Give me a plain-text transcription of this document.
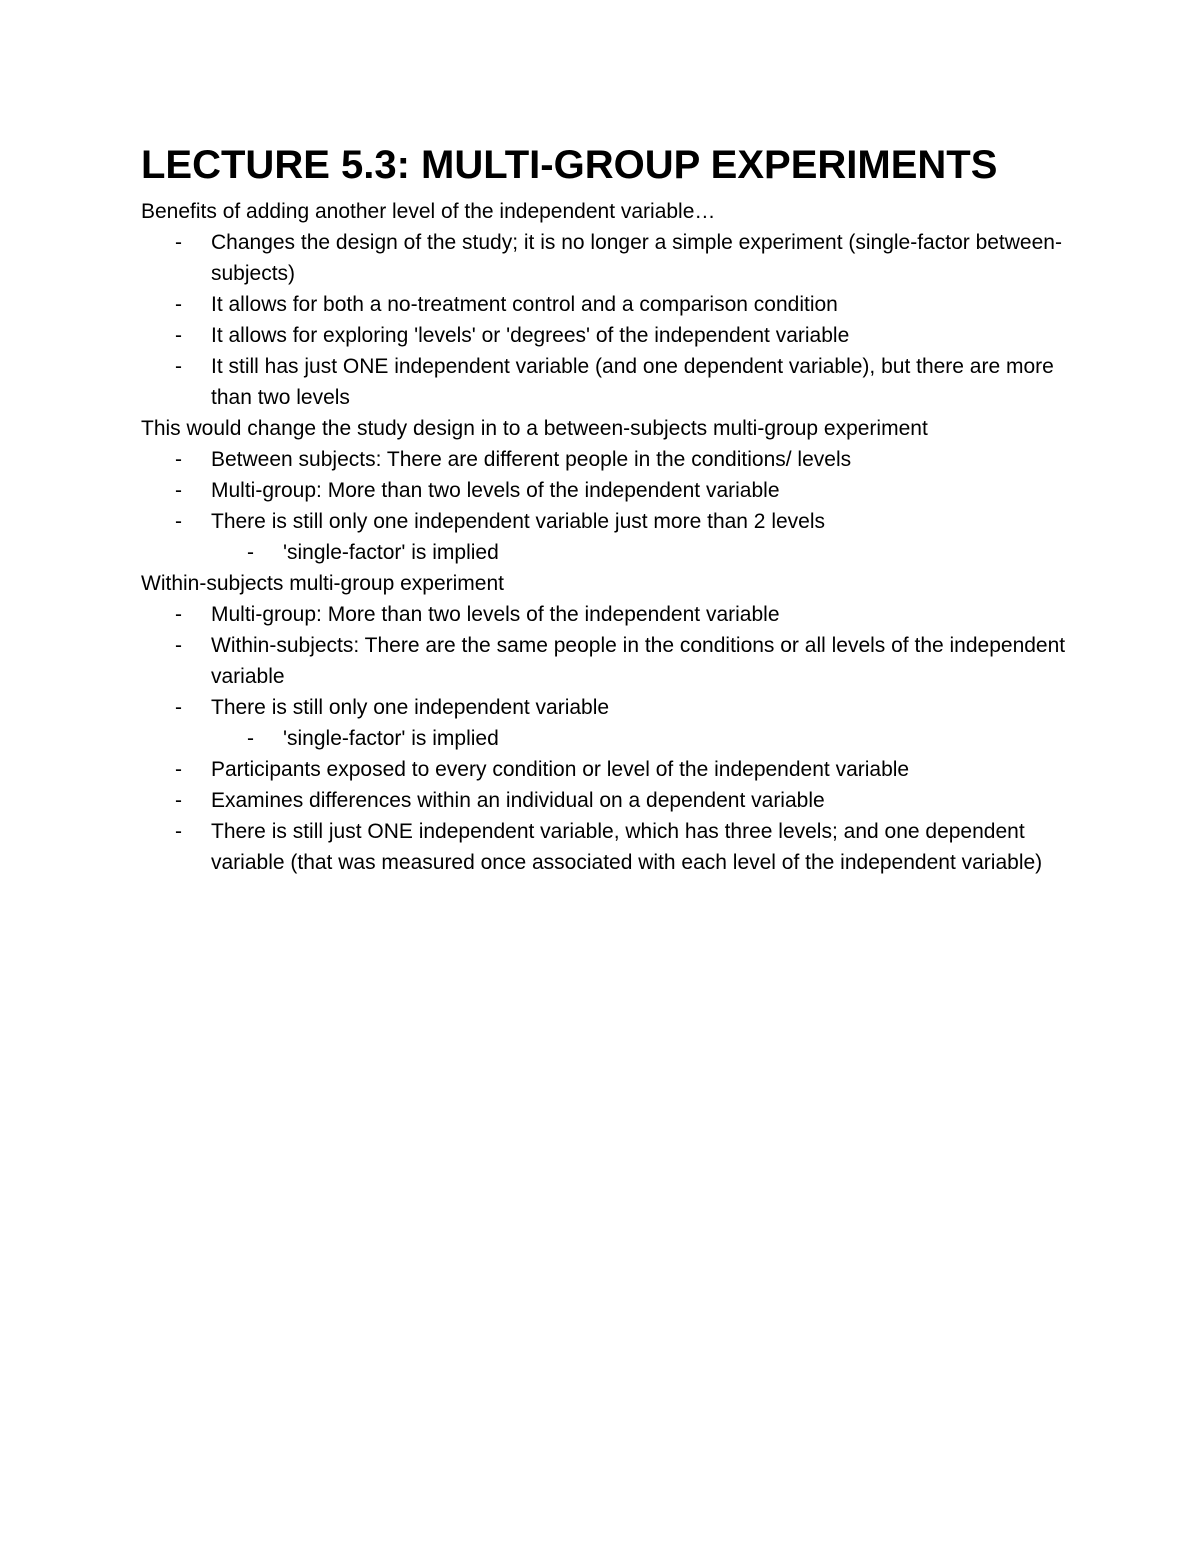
LECTURE 5.3: MULTI-GROUP EXPERIMENTS

Benefits of adding another level of the independent variable…

- Changes the design of the study; it is no longer a simple experiment (single-factor between-subjects)
- It allows for both a no-treatment control and a comparison condition
- It allows for exploring 'levels' or 'degrees' of the independent variable
- It still has just ONE independent variable (and one dependent variable), but there are more than two levels

This would change the study design in to a between-subjects multi-group experiment

- Between subjects: There are different people in the conditions/ levels
- Multi-group: More than two levels of the independent variable
- There is still only one independent variable just more than 2 levels
- 'single-factor' is implied

Within-subjects multi-group experiment

- Multi-group: More than two levels of the independent variable
- Within-subjects: There are the same people in the conditions or all levels of the independent variable
- There is still only one independent variable
- 'single-factor' is implied
- Participants exposed to every condition or level of the independent variable
- Examines differences within an individual on a dependent variable
- There is still just ONE independent variable, which has three levels; and one dependent variable (that was measured once associated with each level of the independent variable)
